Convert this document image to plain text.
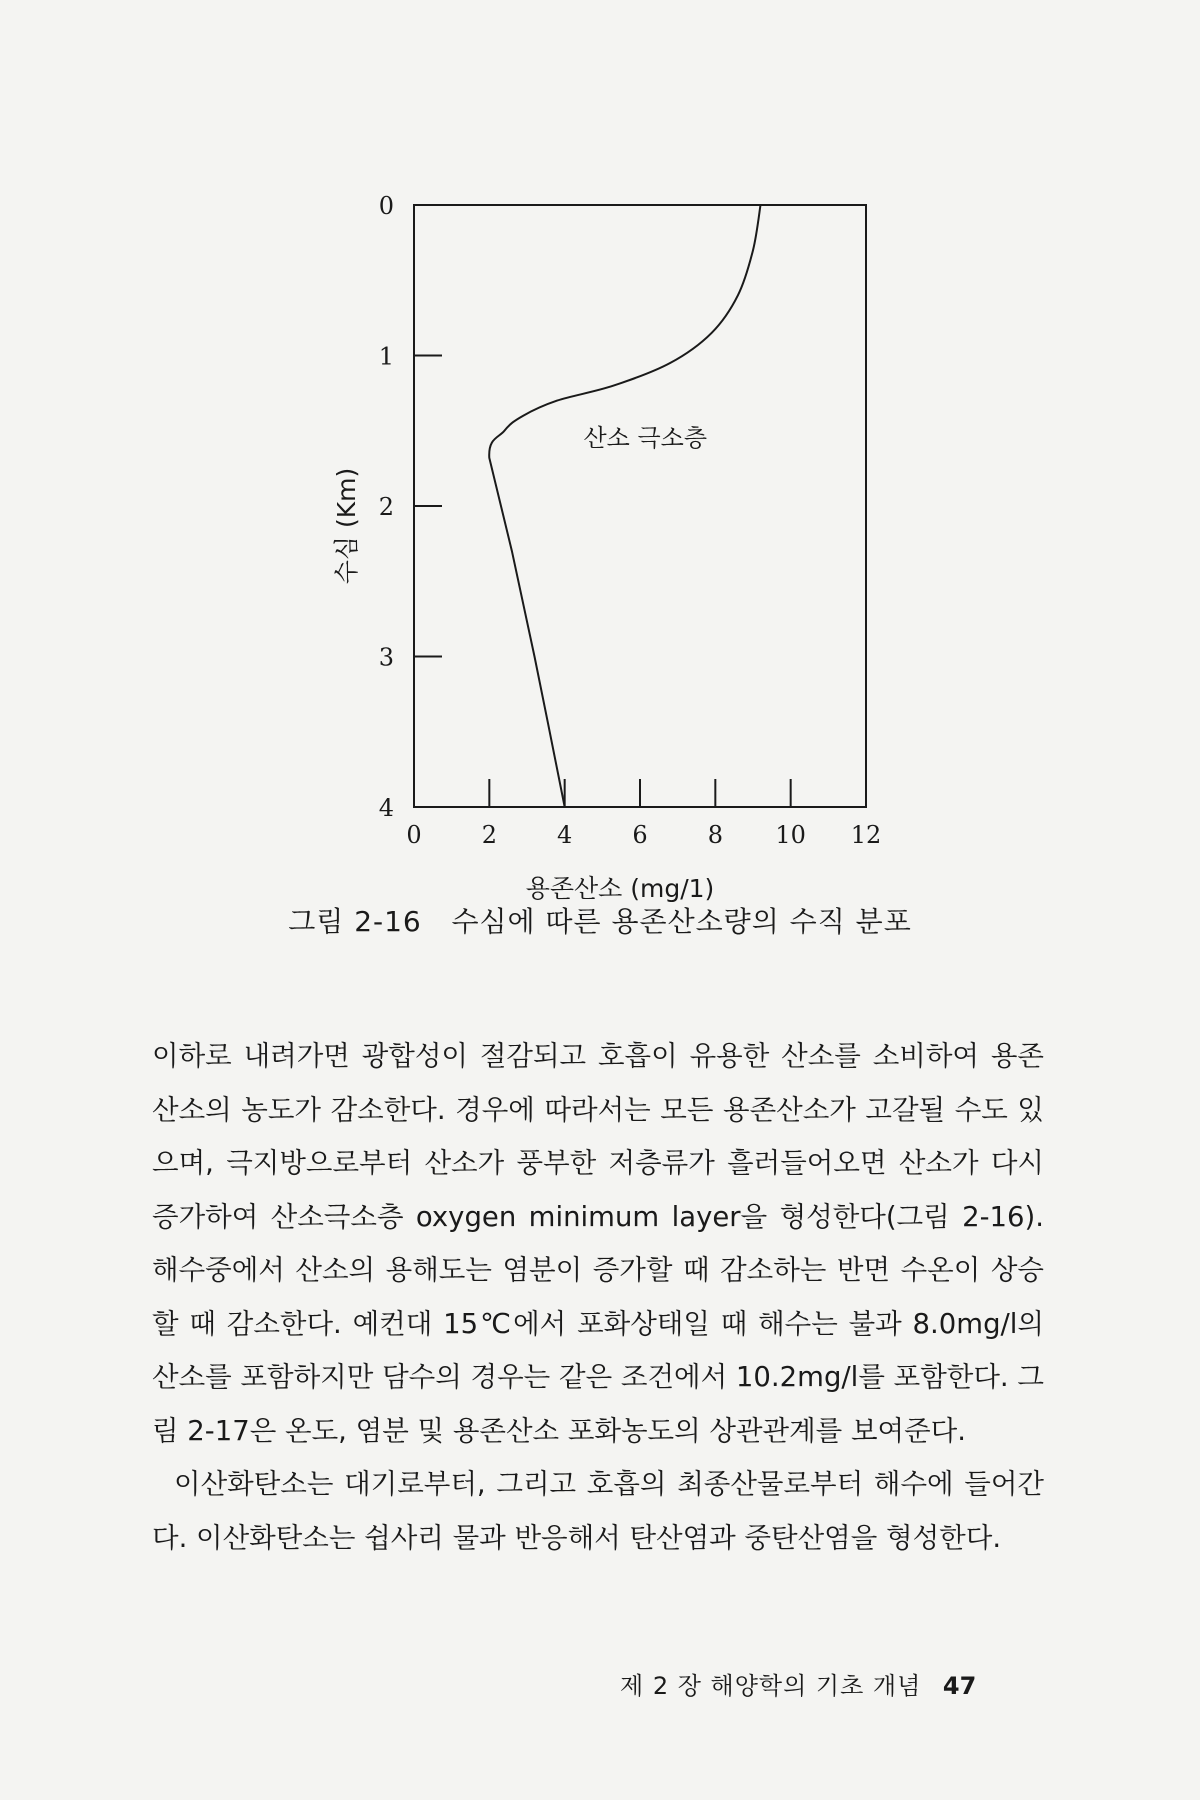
0
1
2
3
4
0	2	4	6	8 10 12
산소 극소층
용존산소 (mg/1)
수심 (Km)
그림 2-16 수심에 따른 용존산소량의 수직 분포

이하로 내려가면 광합성이 절감되고 호흡이 유용한 산소를 소비하여 용존산소의 농도가 감소한다. 경우에 따라서는 모든 용존산소가 고갈될 수도 있으며, 극지방으로부터 산소가 풍부한 저층류가 흘러들어오면 산소가 다시 증가하여 산소극소층 oxygen minimum layer을 형성한다(그림 2-16). 해수중에서 산소의 용해도는 염분이 증가할 때 감소하는 반면 수온이 상승할 때 감소한다. 예컨대 15℃에서 포화상태일 때 해수는 불과 8.0mg/l의 산소를 포함하지만 담수의 경우는 같은 조건에서 10.2mg/l를 포함한다. 그림 2-17은 온도, 염분 및 용존산소 포화농도의 상관관계를 보여준다.

이산화탄소는 대기로부터, 그리고 호흡의 최종산물로부터 해수에 들어간다. 이산화탄소는 쉽사리 물과 반응해서 탄산염과 중탄산염을 형성한다.

제 2 장 해양학의 기초 개념 47
